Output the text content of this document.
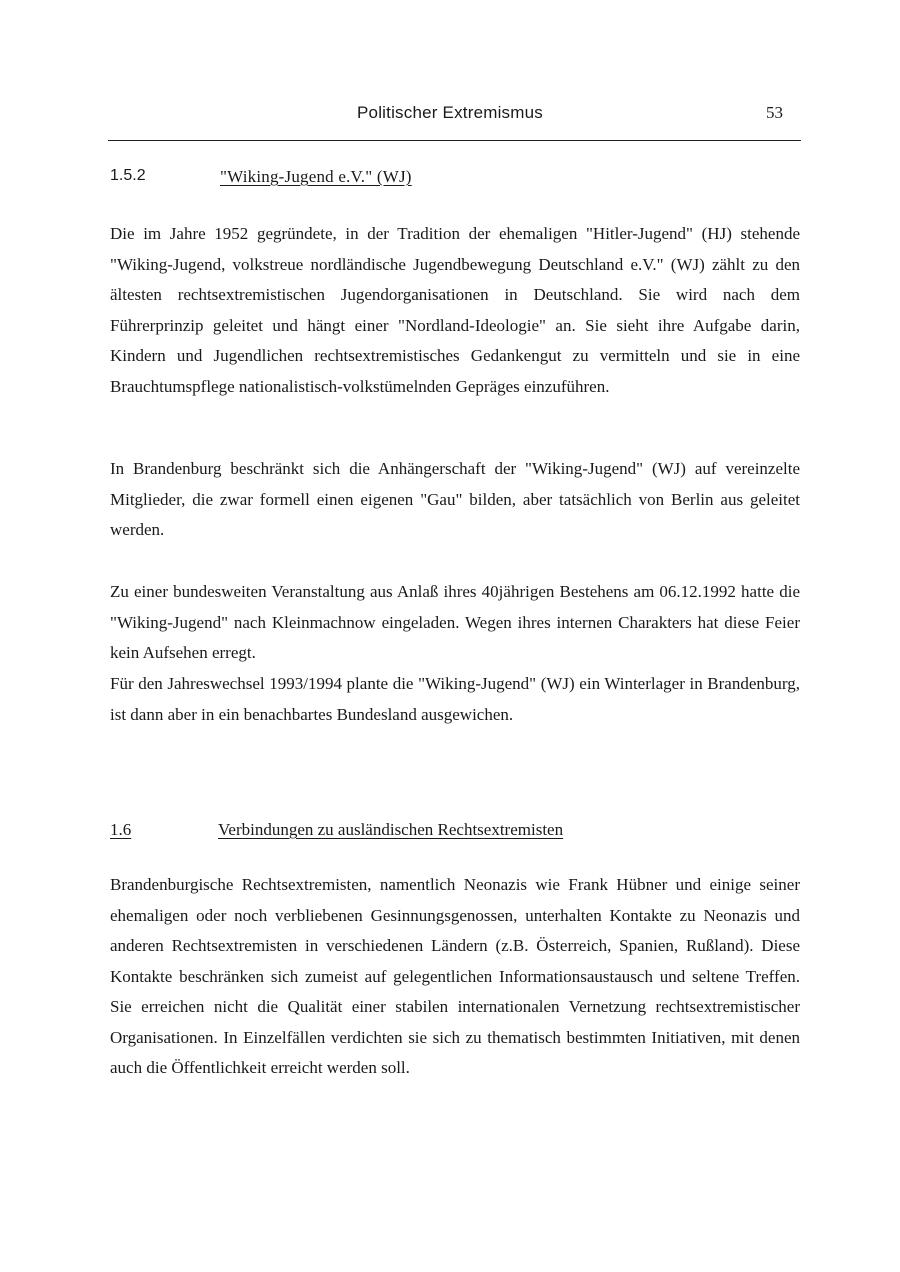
Politischer Extremismus	53
1.5.2	"Wiking-Jugend e.V." (WJ)

Die im Jahre 1952 gegründete, in der Tradition der ehemaligen "Hitler-Jugend" (HJ) stehende "Wiking-Jugend, volkstreue nordländische Jugendbewegung Deutschland e.V." (WJ) zählt zu den ältesten rechtsextremistischen Jugendorganisationen in Deutschland. Sie wird nach dem Führerprinzip geleitet und hängt einer "Nordland-Ideologie" an. Sie sieht ihre Aufgabe darin, Kindern und Jugendlichen rechtsextremistisches Gedankengut zu vermitteln und sie in eine Brauchtumspflege nationalistisch-volkstümelnden Gepräges einzuführen.

In Brandenburg beschränkt sich die Anhängerschaft der "Wiking-Jugend" (WJ) auf vereinzelte Mitglieder, die zwar formell einen eigenen "Gau" bilden, aber tatsächlich von Berlin aus geleitet werden.

Zu einer bundesweiten Veranstaltung aus Anlaß ihres 40jährigen Bestehens am 06.12.1992 hatte die "Wiking-Jugend" nach Kleinmachnow eingeladen. Wegen ihres internen Charakters hat diese Feier kein Aufsehen erregt.

Für den Jahreswechsel 1993/1994 plante die "Wiking-Jugend" (WJ) ein Winterlager in Brandenburg, ist dann aber in ein benachbartes Bundesland ausgewichen.

1.6	Verbindungen zu ausländischen Rechtsextremisten

Brandenburgische Rechtsextremisten, namentlich Neonazis wie Frank Hübner und einige seiner ehemaligen oder noch verbliebenen Gesinnungsgenossen, unterhalten Kontakte zu Neonazis und anderen Rechtsextremisten in verschiedenen Ländern (z.B. Österreich, Spanien, Rußland). Diese Kontakte beschränken sich zumeist auf gelegentlichen Informationsaustausch und seltene Treffen. Sie erreichen nicht die Qualität einer stabilen internationalen Vernetzung rechtsextremistischer Organisationen. In Einzelfällen verdichten sie sich zu thematisch bestimmten Initiativen, mit denen auch die Öffentlichkeit erreicht werden soll.
